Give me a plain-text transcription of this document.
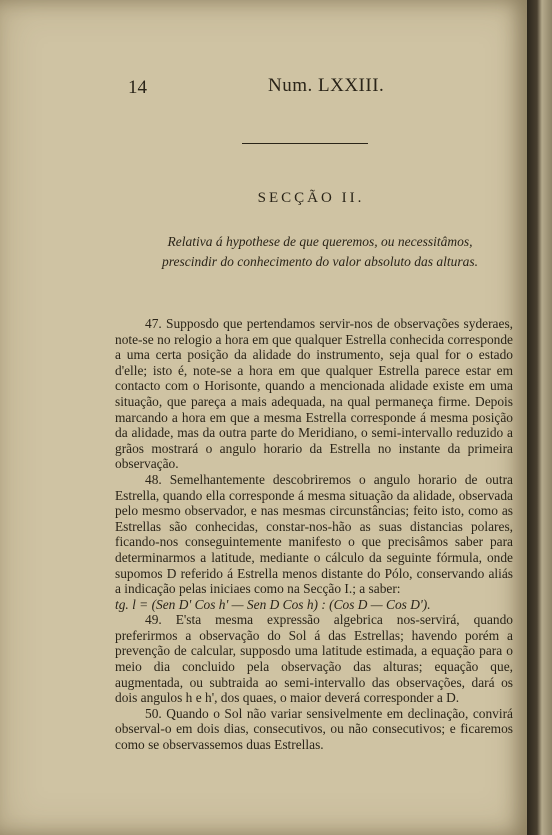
14	Num. LXXIII.
SECÇÃO II.
Relativa á hypothese de que queremos, ou necessitâmos, prescindir do conhecimento do valor absoluto das alturas.

47. Supposdo que pertendamos servir-nos de observações syderaes, note-se no relogio a hora em que qualquer Estrella conhecida corresponde a uma certa posição da alidade do instrumento, seja qual for o estado d'elle; isto é, note-se a hora em que qualquer Estrella parece estar em contacto com o Horisonte, quando a mencionada alidade existe em uma situação, que pareça a mais adequada, na qual permaneça firme. Depois marcando a hora em que a mesma Estrella corresponde á mesma posição da alidade, mas da outra parte do Meridiano, o semi-intervallo reduzido a grãos mostrará o angulo horario da Estrella no instante da primeira observação.

48. Semelhantemente descobriremos o angulo horario de outra Estrella, quando ella corresponde á mesma situação da alidade, observada pelo mesmo observador, e nas mesmas circunstâncias; feito isto, como as Estrellas são conhecidas, constar-nos-hão as suas distancias polares, ficando-nos conseguintemente manifesto o que precisâmos saber para determinarmos a latitude, mediante o cálculo da seguinte fórmula, onde supomos D referido á Estrella menos distante do Pólo, conservando aliás a indicação pelas iniciaes como na Secção I.; a saber:

tg. l = (Sen D' Cos h' — Sen D Cos h) : (Cos D — Cos D').

49. E'sta mesma expressão algebrica nos-servirá, quando preferirmos a observação do Sol á das Estrellas; havendo porém a prevenção de calcular, supposdo uma latitude estimada, a equação para o meio dia concluido pela observação das alturas; equação que, augmentada, ou subtraida ao semi-intervallo das observações, dará os dois angulos h e h', dos quaes, o maior deverá corresponder a D.

50. Quando o Sol não variar sensivelmente em declinação, convirá observal-o em dois dias, consecutivos, ou não consecutivos; e ficaremos como se observassemos duas Estrellas.
